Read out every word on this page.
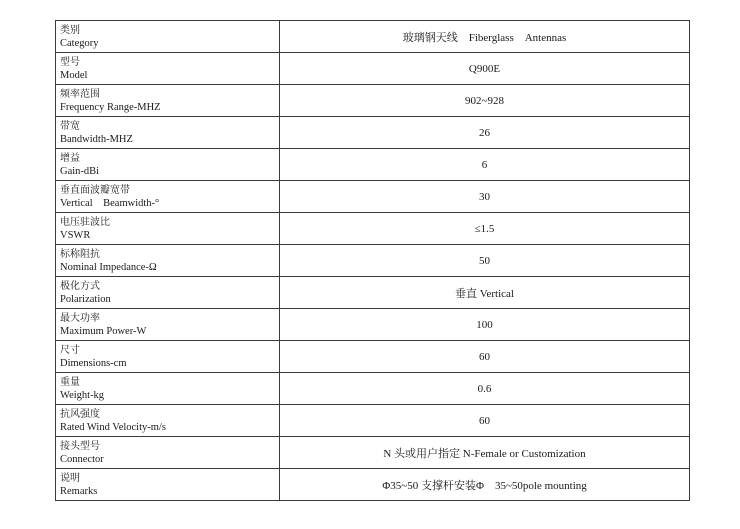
类别
Category	玻璃钢天线　Fiberglass　Antennas

型号
Model	Q900E

频率范围
Frequency Range-MHZ	902~928

带宽
Bandwidth-MHZ	26

增益
Gain-dBi	6

垂直面波瓣宽带
Vertical　Beamwidth-°	30

电压驻波比
VSWR	≤1.5

标称阻抗
Nominal Impedance-Ω	50

极化方式
Polarization	垂直 Vertical

最大功率
Maximum Power-W	100

尺寸
Dimensions-cm	60

重量
Weight-kg	0.6

抗风强度
Rated Wind Velocity-m/s	60

接头型号
Connector	N 头或用户指定 N-Female or Customization

说明
Remarks	Φ35~50 支撑杆安装Φ　35~50pole mounting
